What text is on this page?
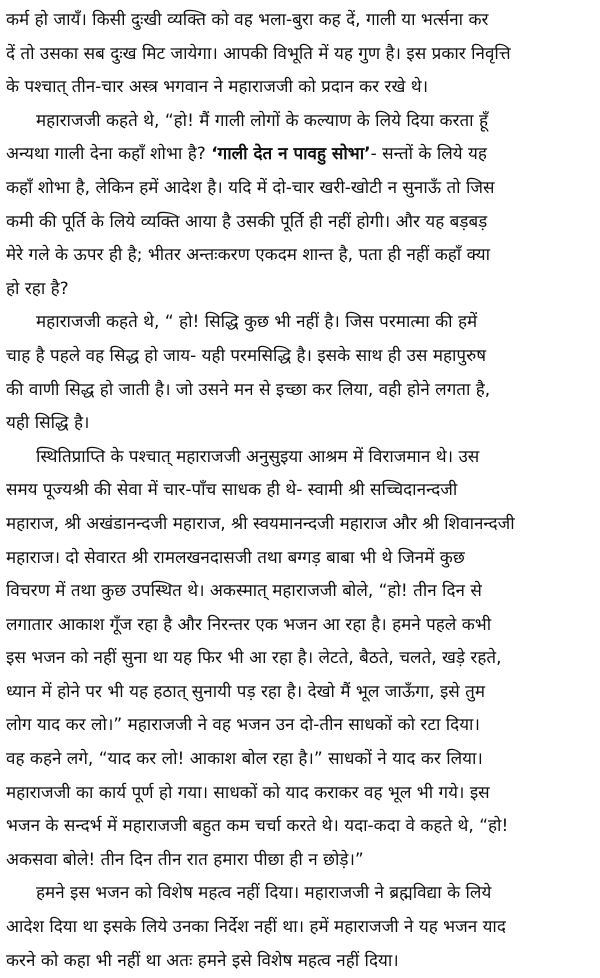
कर्म हो जायँ। किसी दुःखी व्यक्ति को वह भला-बुरा कह दें, गाली या भर्त्सना कर
दें तो उसका सब दुःख मिट जायेगा। आपकी विभूति में यह गुण है। इस प्रकार निवृत्ति
के पश्चात् तीन-चार अस्त्र भगवान ने महाराजजी को प्रदान कर रखे थे।
महाराजजी कहते थे, “हो! मैं गाली लोगों के कल्याण के लिये दिया करता हूँ
अन्यथा गाली देना कहाँ शोभा है? ‘गाली देत न पावहु सोभा’- सन्तों के लिये यह
कहाँ शोभा है, लेकिन हमें आदेश है। यदि में दो-चार खरी-खोटी न सुनाऊँ तो जिस
कमी की पूर्ति के लिये व्यक्ति आया है उसकी पूर्ति ही नहीं होगी। और यह बड़बड़
मेरे गले के ऊपर ही है; भीतर अन्तःकरण एकदम शान्त है, पता ही नहीं कहाँ क्या
हो रहा है?
महाराजजी कहते थे, “ हो! सिद्धि कुछ भी नहीं है। जिस परमात्मा की हमें
चाह है पहले वह सिद्ध हो जाय- यही परमसिद्धि है। इसके साथ ही उस महापुरुष
की वाणी सिद्ध हो जाती है। जो उसने मन से इच्छा कर लिया, वही होने लगता है,
यही सिद्धि है।
स्थितिप्राप्ति के पश्चात् महाराजजी अनुसुइया आश्रम में विराजमान थे। उस
समय पूज्यश्री की सेवा में चार-पाँच साधक ही थे- स्वामी श्री सच्चिदानन्दजी
महाराज, श्री अखंडानन्दजी महाराज, श्री स्वयमानन्दजी महाराज और श्री शिवानन्दजी
महाराज। दो सेवारत श्री रामलखनदासजी तथा बग्गड़ बाबा भी थे जिनमें कुछ
विचरण में तथा कुछ उपस्थित थे। अकस्मात् महाराजजी बोले, “हो! तीन दिन से
लगातार आकाश गूँज रहा है और निरन्तर एक भजन आ रहा है। हमने पहले कभी
इस भजन को नहीं सुना था यह फिर भी आ रहा है। लेटते, बैठते, चलते, खड़े रहते,
ध्यान में होने पर भी यह हठात् सुनायी पड़ रहा है। देखो मैं भूल जाऊँगा, इसे तुम
लोग याद कर लो।” महाराजजी ने वह भजन उन दो-तीन साधकों को रटा दिया।
वह कहने लगे, “याद कर लो! आकाश बोल रहा है।” साधकों ने याद कर लिया।
महाराजजी का कार्य पूर्ण हो गया। साधकों को याद कराकर वह भूल भी गये। इस
भजन के सन्दर्भ में महाराजजी बहुत कम चर्चा करते थे। यदा-कदा वे कहते थे, “हो!
अकसवा बोले! तीन दिन तीन रात हमारा पीछा ही न छोड़े।”
हमने इस भजन को विशेष महत्व नहीं दिया। महाराजजी ने ब्रह्मविद्या के लिये
आदेश दिया था इसके लिये उनका निर्देश नहीं था। हमें महाराजजी ने यह भजन याद
करने को कहा भी नहीं था अतः हमने इसे विशेष महत्व नहीं दिया।
